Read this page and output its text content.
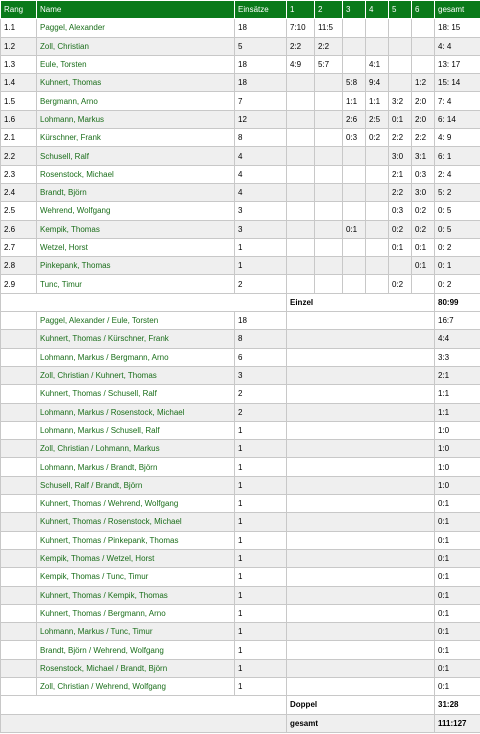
Rang	Name	Einsätze	1	2	3	4	5	6	gesamt
1.1	Paggel, Alexander	18	7:10	11:5					18: 15
1.2	Zoll, Christian	5	2:2	2:2					4: 4
1.3	Eule, Torsten	18	4:9	5:7		4:1			13: 17
1.4	Kuhnert, Thomas	18			5:8	9:4		1:2	15: 14
1.5	Bergmann, Arno	7			1:1	1:1	3:2	2:0	7: 4
1.6	Lohmann, Markus	12			2:6	2:5	0:1	2:0	6: 14
2.1	Kürschner, Frank	8			0:3	0:2	2:2	2:2	4: 9
2.2	Schusell, Ralf	4					3:0	3:1	6: 1
2.3	Rosenstock, Michael	4					2:1	0:3	2: 4
2.4	Brandt, Björn	4					2:2	3:0	5: 2
2.5	Wehrend, Wolfgang	3					0:3	0:2	0: 5
2.6	Kempik, Thomas	3			0:1		0:2	0:2	0: 5
2.7	Wetzel, Horst	1					0:1	0:1	0: 2
2.8	Pinkepank, Thomas	1						0:1	0: 1
2.9	Tunc, Timur	2					0:2		0: 2
			Einzel						80:99
	Paggel, Alexander / Eule, Torsten	18							16:7
	Kuhnert, Thomas / Kürschner, Frank	8							4:4
	Lohmann, Markus / Bergmann, Arno	6							3:3
	Zoll, Christian / Kuhnert, Thomas	3							2:1
	Kuhnert, Thomas / Schusell, Ralf	2							1:1
	Lohmann, Markus / Rosenstock, Michael	2							1:1
	Lohmann, Markus / Schusell, Ralf	1							1:0
	Zoll, Christian / Lohmann, Markus	1							1:0
	Lohmann, Markus / Brandt, Björn	1							1:0
	Schusell, Ralf / Brandt, Björn	1							1:0
	Kuhnert, Thomas / Wehrend, Wolfgang	1							0:1
	Kuhnert, Thomas / Rosenstock, Michael	1							0:1
	Kuhnert, Thomas / Pinkepank, Thomas	1							0:1
	Kempik, Thomas / Wetzel, Horst	1							0:1
	Kempik, Thomas / Tunc, Timur	1							0:1
	Kuhnert, Thomas / Kempik, Thomas	1							0:1
	Kuhnert, Thomas / Bergmann, Arno	1							0:1
	Lohmann, Markus / Tunc, Timur	1							0:1
	Brandt, Björn / Wehrend, Wolfgang	1							0:1
	Rosenstock, Michael / Brandt, Björn	1							0:1
	Zoll, Christian / Wehrend, Wolfgang	1							0:1
			Doppel						31:28
			gesamt						111:127
